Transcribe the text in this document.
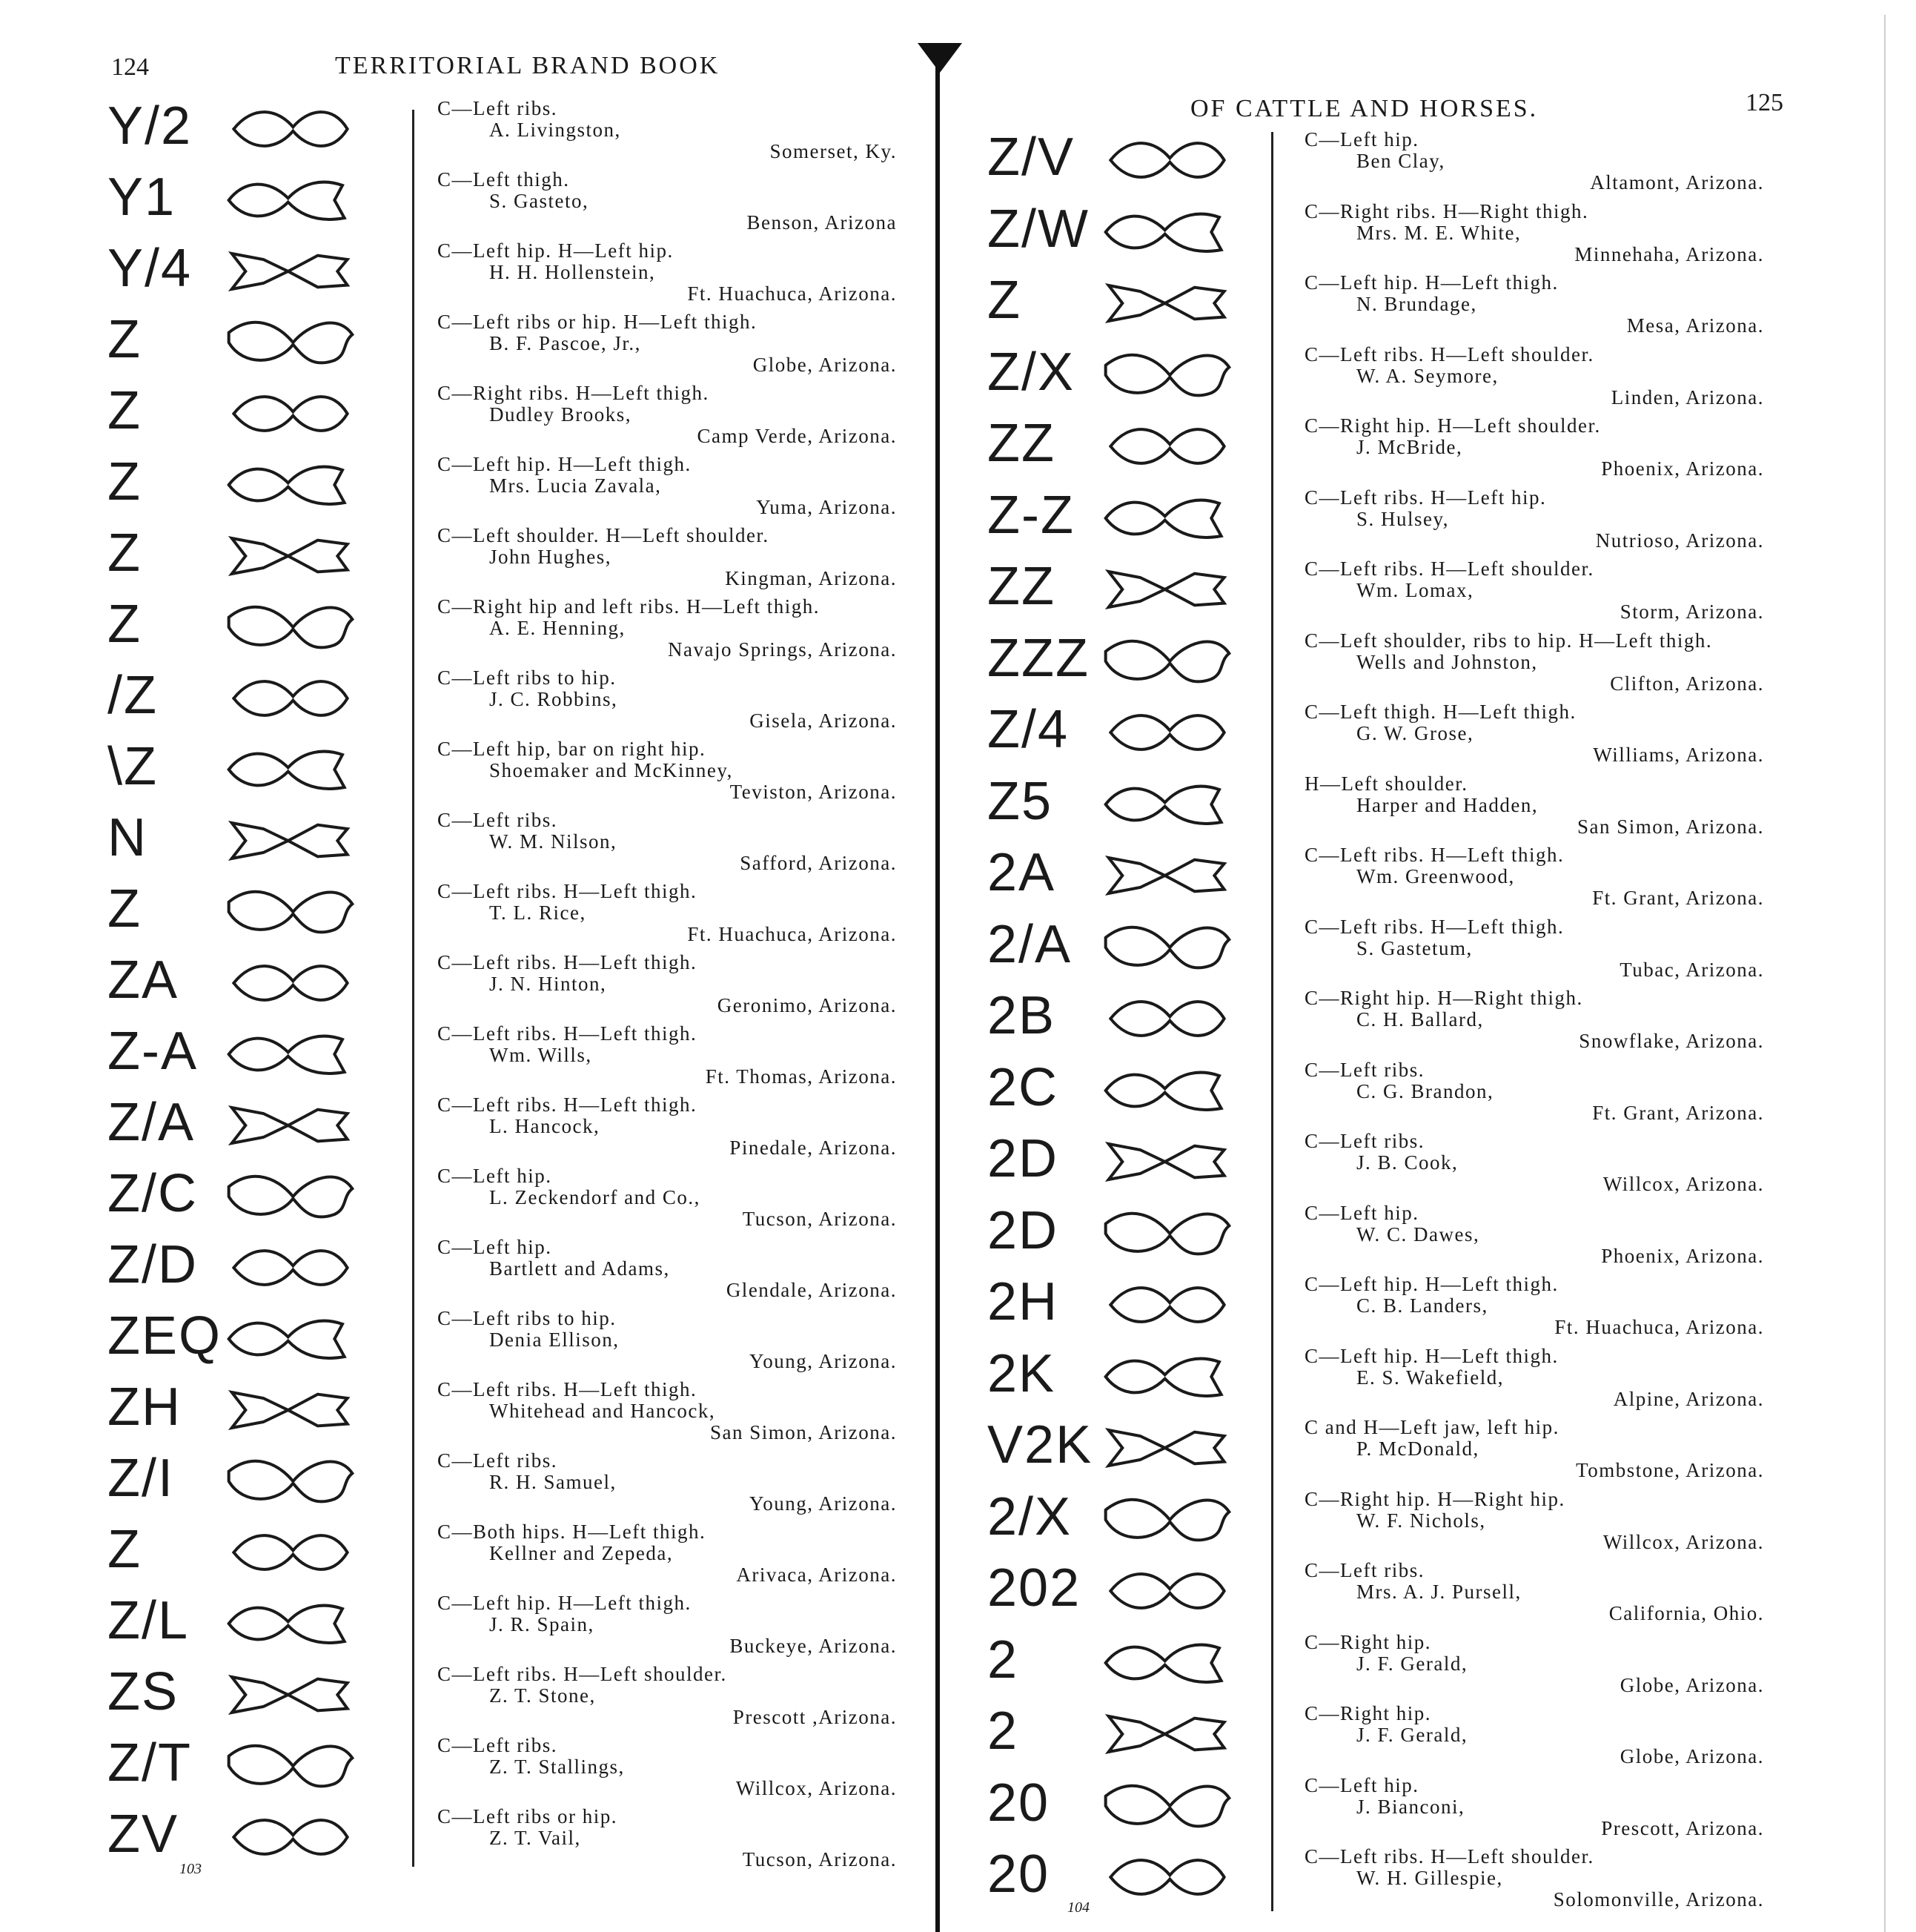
124	TERRITORIAL BRAND BOOK
OF CATTLE AND HORSES.	125
103
104
Y/2	C—Left ribs.
A. Livingston,
Somerset, Ky.
Y1	C—Left thigh.
S. Gasteto,
Benson, Arizona
Y/4	C—Left hip. H—Left hip.
H. H. Hollenstein,
Ft. Huachuca, Arizona.
Z	C—Left ribs or hip. H—Left thigh.
B. F. Pascoe, Jr.,
Globe, Arizona.
Z	C—Right ribs. H—Left thigh.
Dudley Brooks,
Camp Verde, Arizona.
Z	C—Left hip. H—Left thigh.
Mrs. Lucia Zavala,
Yuma, Arizona.
Z	C—Left shoulder. H—Left shoulder.
John Hughes,
Kingman, Arizona.
Z	C—Right hip and left ribs. H—Left thigh.
A. E. Henning,
Navajo Springs, Arizona.
/Z	C—Left ribs to hip.
J. C. Robbins,
Gisela, Arizona.
\Z	C—Left hip, bar on right hip.
Shoemaker and McKinney,
Teviston, Arizona.
N	C—Left ribs.
W. M. Nilson,
Safford, Arizona.
Z	C—Left ribs. H—Left thigh.
T. L. Rice,
Ft. Huachuca, Arizona.
ZA	C—Left ribs. H—Left thigh.
J. N. Hinton,
Geronimo, Arizona.
Z-A	C—Left ribs. H—Left thigh.
Wm. Wills,
Ft. Thomas, Arizona.
Z/A	C—Left ribs. H—Left thigh.
L. Hancock,
Pinedale, Arizona.
Z/C	C—Left hip.
L. Zeckendorf and Co.,
Tucson, Arizona.
Z/D	C—Left hip.
Bartlett and Adams,
Glendale, Arizona.
ZEQ	C—Left ribs to hip.
Denia Ellison,
Young, Arizona.
ZH	C—Left ribs. H—Left thigh.
Whitehead and Hancock,
San Simon, Arizona.
Z/I	C—Left ribs.
R. H. Samuel,
Young, Arizona.
Z	C—Both hips. H—Left thigh.
Kellner and Zepeda,
Arivaca, Arizona.
Z/L	C—Left hip. H—Left thigh.
J. R. Spain,
Buckeye, Arizona.
ZS	C—Left ribs. H—Left shoulder.
Z. T. Stone,
Prescott ,Arizona.
Z/T	C—Left ribs.
Z. T. Stallings,
Willcox, Arizona.
ZV	C—Left ribs or hip.
Z. T. Vail,
Tucson, Arizona.
Z/V	C—Left hip.
Ben Clay,
Altamont, Arizona.
Z/W	C—Right ribs. H—Right thigh.
Mrs. M. E. White,
Minnehaha, Arizona.
Z	C—Left hip. H—Left thigh.
N. Brundage,
Mesa, Arizona.
Z/X	C—Left ribs. H—Left shoulder.
W. A. Seymore,
Linden, Arizona.
ZZ	C—Right hip. H—Left shoulder.
J. McBride,
Phoenix, Arizona.
Z-Z	C—Left ribs. H—Left hip.
S. Hulsey,
Nutrioso, Arizona.
ZZ	C—Left ribs. H—Left shoulder.
Wm. Lomax,
Storm, Arizona.
ZZZ	C—Left shoulder, ribs to hip. H—Left thigh.
Wells and Johnston,
Clifton, Arizona.
Z/4	C—Left thigh. H—Left thigh.
G. W. Grose,
Williams, Arizona.
Z5	H—Left shoulder.
Harper and Hadden,
San Simon, Arizona.
2A	C—Left ribs. H—Left thigh.
Wm. Greenwood,
Ft. Grant, Arizona.
2/A	C—Left ribs. H—Left thigh.
S. Gastetum,
Tubac, Arizona.
2B	C—Right hip. H—Right thigh.
C. H. Ballard,
Snowflake, Arizona.
2C	C—Left ribs.
C. G. Brandon,
Ft. Grant, Arizona.
2D	C—Left ribs.
J. B. Cook,
Willcox, Arizona.
2D	C—Left hip.
W. C. Dawes,
Phoenix, Arizona.
2H	C—Left hip. H—Left thigh.
C. B. Landers,
Ft. Huachuca, Arizona.
2K	C—Left hip. H—Left thigh.
E. S. Wakefield,
Alpine, Arizona.
V2K	C and H—Left jaw, left hip.
P. McDonald,
Tombstone, Arizona.
2/X	C—Right hip. H—Right hip.
W. F. Nichols,
Willcox, Arizona.
202	C—Left ribs.
Mrs. A. J. Pursell,
California, Ohio.
2	C—Right hip.
J. F. Gerald,
Globe, Arizona.
2	C—Right hip.
J. F. Gerald,
Globe, Arizona.
20	C—Left hip.
J. Bianconi,
Prescott, Arizona.
20	C—Left ribs. H—Left shoulder.
W. H. Gillespie,
Solomonville, Arizona.
